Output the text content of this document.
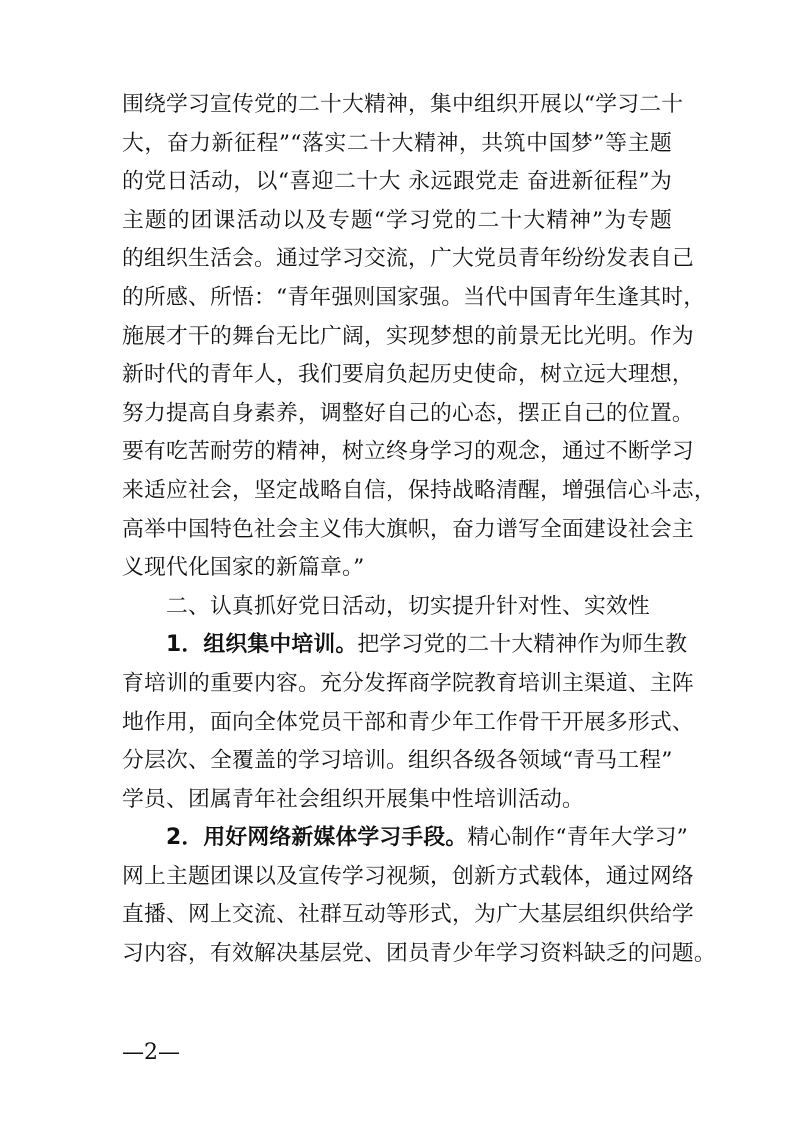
围绕学习宣传党的二十大精神，集中组织开展以“学习二十
大，奋力新征程”“落实二十大精神，共筑中国梦”等主题
的党日活动，以“喜迎二十大 永远跟党走 奋进新征程”为
主题的团课活动以及专题“学习党的二十大精神”为专题
的组织生活会。通过学习交流，广大党员青年纷纷发表自己
的所感、所悟：“青年强则国家强。当代中国青年生逢其时，
施展才干的舞台无比广阔，实现梦想的前景无比光明。作为
新时代的青年人，我们要肩负起历史使命，树立远大理想，
努力提高自身素养，调整好自己的心态，摆正自己的位置。
要有吃苦耐劳的精神，树立终身学习的观念，通过不断学习
来适应社会，坚定战略自信，保持战略清醒，增强信心斗志，
高举中国特色社会主义伟大旗帜，奋力谱写全面建设社会主
义现代化国家的新篇章。”
二、认真抓好党日活动，切实提升针对性、实效性
1．组织集中培训。把学习党的二十大精神作为师生教
育培训的重要内容。充分发挥商学院教育培训主渠道、主阵
地作用，面向全体党员干部和青少年工作骨干开展多形式、
分层次、全覆盖的学习培训。组织各级各领域“青马工程”
学员、团属青年社会组织开展集中性培训活动。
2．用好网络新媒体学习手段。精心制作“青年大学习”
网上主题团课以及宣传学习视频，创新方式载体，通过网络
直播、网上交流、社群互动等形式，为广大基层组织供给学
习内容，有效解决基层党、团员青少年学习资料缺乏的问题。
—2—
